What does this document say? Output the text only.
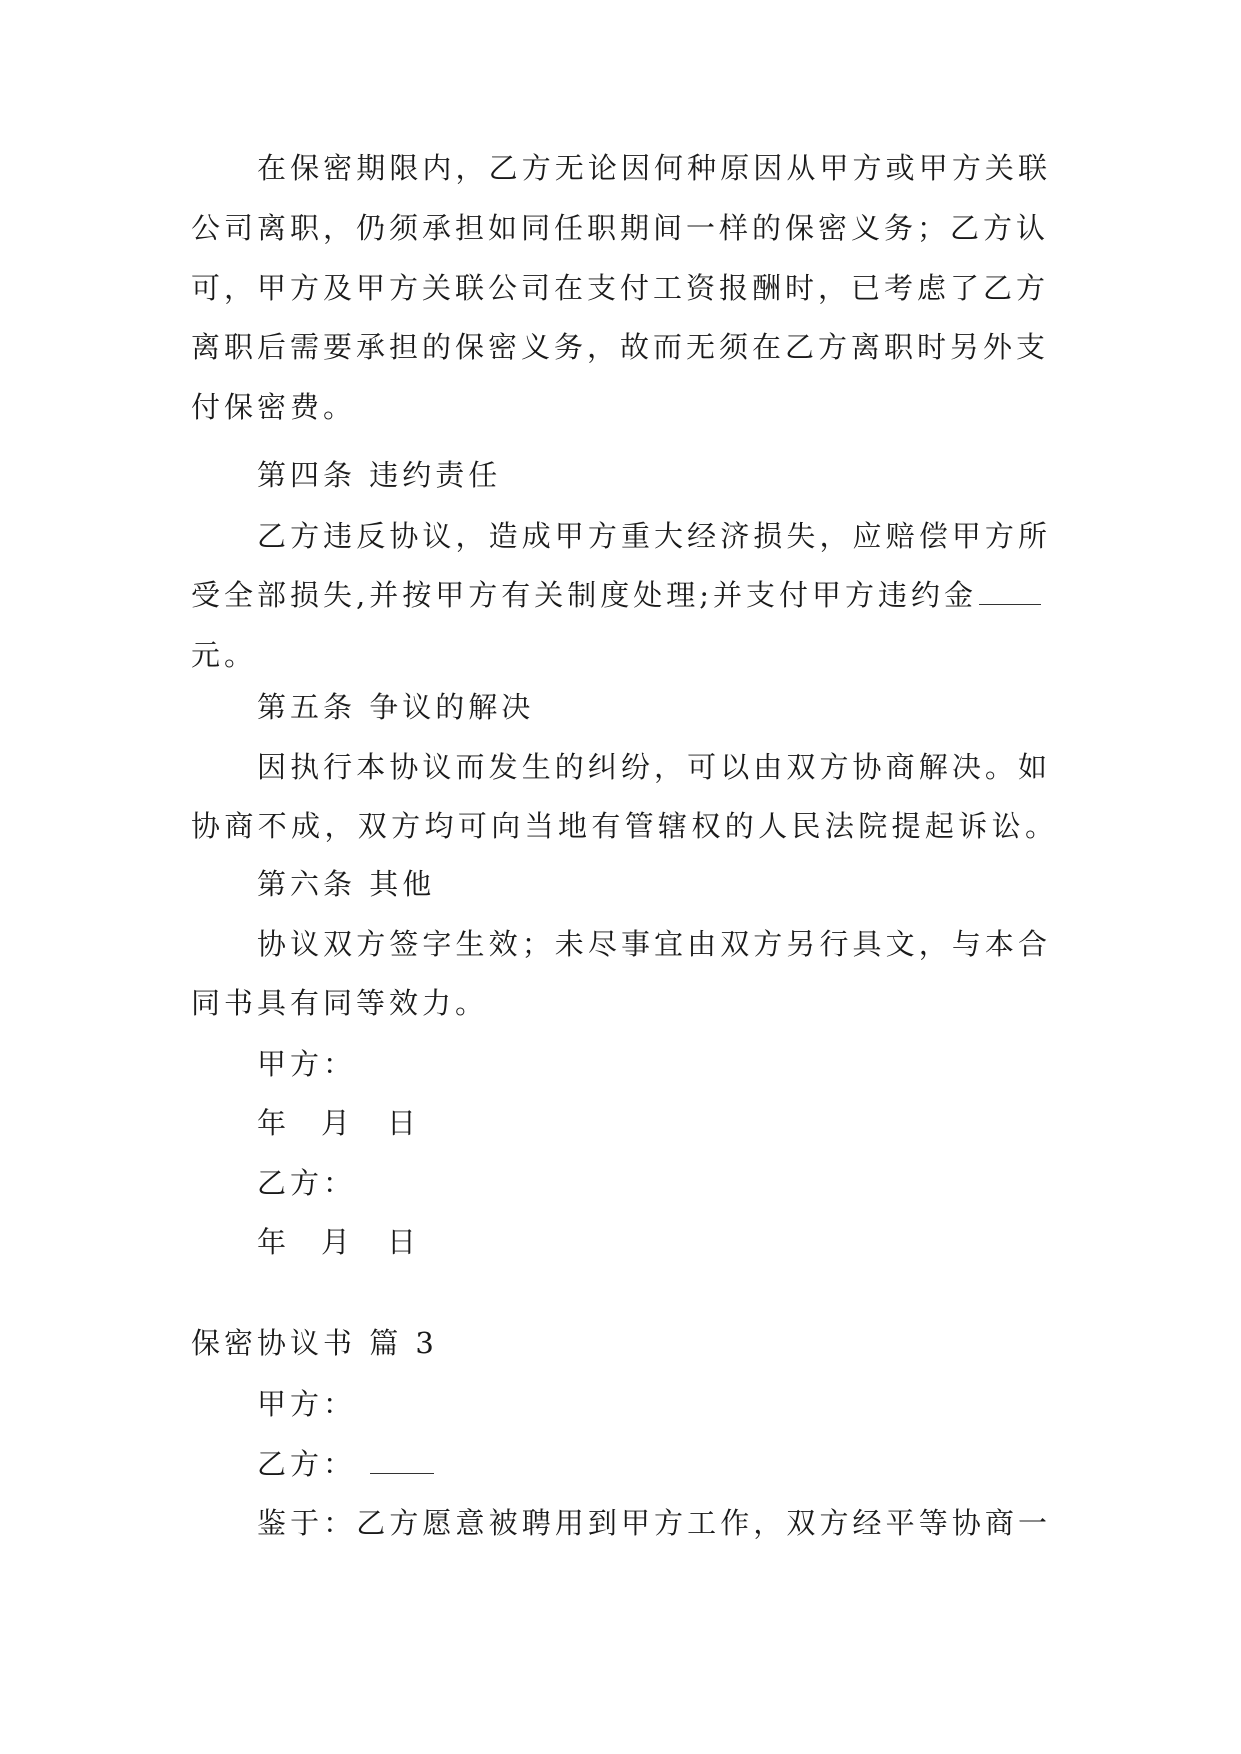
在保密期限内，乙方无论因何种原因从甲方或甲方关联
公司离职，仍须承担如同任职期间一样的保密义务；乙方认
可，甲方及甲方关联公司在支付工资报酬时，已考虑了乙方
离职后需要承担的保密义务，故而无须在乙方离职时另外支
付保密费。
第四条 违约责任
乙方违反协议，造成甲方重大经济损失，应赔偿甲方所
受全部损失,并按甲方有关制度处理;并支付甲方违约金
元。
第五条 争议的解决
因执行本协议而发生的纠纷，可以由双方协商解决。如
协商不成，双方均可向当地有管辖权的人民法院提起诉讼。
第六条 其他
协议双方签字生效；未尽事宜由双方另行具文，与本合
同书具有同等效力。
甲方：
年 月 日
乙方：
年 月 日
保密协议书 篇 3
甲方：
乙方：
鉴于：乙方愿意被聘用到甲方工作，双方经平等协商一
